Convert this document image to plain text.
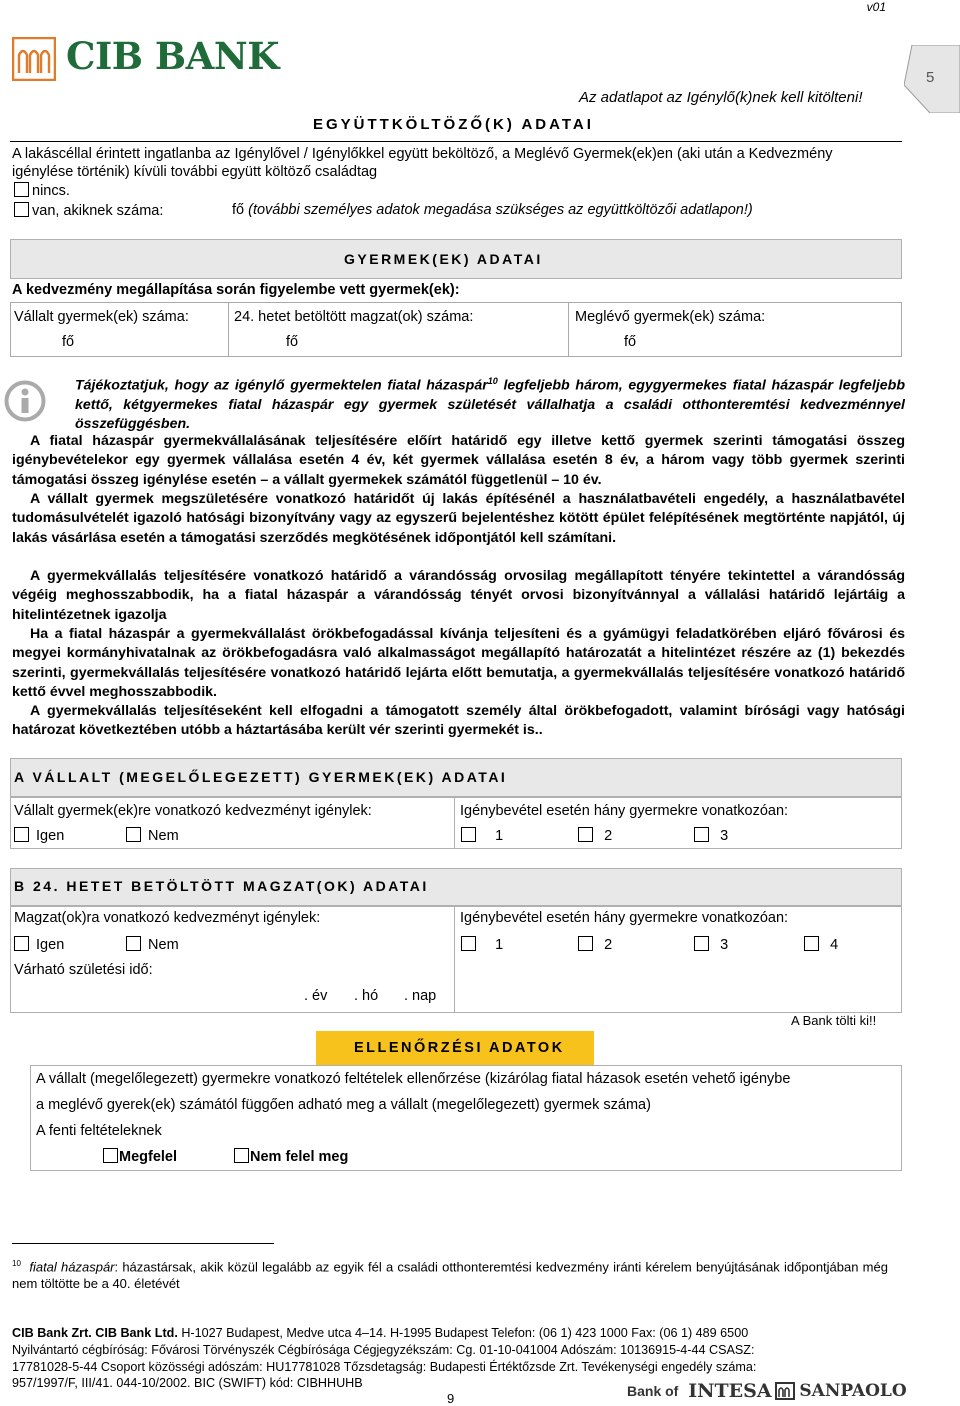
v01
5
CIB BANK
Az adatlapot az Igénylő(k)nek kell kitölteni!
EGYÜTTKÖLTÖZŐ(K) ADATAI
A lakáscéllal érintett ingatlanba az Igénylővel / Igénylőkkel együtt beköltöző, a Meglévő Gyermek(ek)en (aki után a Kedvezmény igénylése történik) kívüli további együtt költöző családtag
nincs.
van, akiknek száma:	fő (további személyes adatok megadása szükséges az együttköltözői adatlapon!)
GYERMEK(EK) ADATAI
A kedvezmény megállapítása során figyelembe vett gyermek(ek):
Vállalt gyermek(ek) száma:	24. hetet betöltött magzat(ok) száma:	Meglévő gyermek(ek) száma:
fő	fő	fő
Tájékoztatjuk, hogy az igénylő gyermektelen fiatal házaspár$^{10}$ legfeljebb három, egygyermekes fiatal házaspár legfeljebb kettő, kétgyermekes fiatal házaspár egy gyermek születését vállalhatja a családi otthonteremtési kedvezménnyel összefüggésben.
A fiatal házaspár gyermekvállalásának teljesítésére előírt határidő egy illetve kettő gyermek szerinti támogatási összeg igénybevételekor egy gyermek vállalása esetén 4 év, két gyermek vállalása esetén 8 év, a három vagy több gyermek szerinti támogatási összeg igénylése esetén – a vállalt gyermekek számától függetlenül – 10 év.
A vállalt gyermek megszületésére vonatkozó határidőt új lakás építésénél a használatbavételi engedély, a használatbavétel tudomásulvételét igazoló hatósági bizonyítvány vagy az egyszerű bejelentéshez kötött épület felépítésének megtörténte napjától, új lakás vásárlása esetén a támogatási szerződés megkötésének időpontjától kell számítani.
A gyermekvállalás teljesítésére vonatkozó határidő a várandósság orvosilag megállapított tényére tekintettel a várandósság végéig meghosszabbodik, ha a fiatal házaspár a várandósság tényét orvosi bizonyítvánnyal a vállalási határidő lejártáig a hitelintézetnek igazolja
Ha a fiatal házaspár a gyermekvállalást örökbefogadással kívánja teljesíteni és a gyámügyi feladatkörében eljáró fővárosi és megyei kormányhivatalnak az örökbefogadásra való alkalmasságot megállapító határozatát a hitelintézet részére az (1) bekezdés szerinti, gyermekvállalás teljesítésére vonatkozó határidő lejárta előtt bemutatja, a gyermekvállalás teljesítésére vonatkozó határidő kettő évvel meghosszabbodik.
A gyermekvállalás teljesítéseként kell elfogadni a támogatott személy által örökbefogadott, valamint bírósági vagy hatósági határozat következtében utóbb a háztartásába került vér szerinti gyermekét is..
A VÁLLALT (MEGELŐLEGEZETT) GYERMEK(EK) ADATAI
Vállalt gyermek(ek)re vonatkozó kedvezményt igénylek:	Igénybevétel esetén hány gyermekre vonatkozóan:
Igen	Nem	1	2	3
B 24. HETET BETÖLTÖTT MAGZAT(OK) ADATAI
Magzat(ok)ra vonatkozó kedvezményt igénylek:	Igénybevétel esetén hány gyermekre vonatkozóan:
Igen	Nem	1	2	3	4
Várható születési idő:
. év . hó . nap
A Bank tölti ki!!
ELLENŐRZÉSI ADATOK
A vállalt (megelőlegezett) gyermekre vonatkozó feltételek ellenőrzése (kizárólag fiatal házasok esetén vehető igénybe
a meglévő gyerek(ek) számától függően adható meg a vállalt (megelőlegezett) gyermek száma)
A fenti feltételeknek
Megfelel	Nem felel meg
$^{10}$ fiatal házaspár: házastársak, akik közül legalább az egyik fél a családi otthonteremtési kedvezmény iránti kérelem benyújtásának időpontjában még nem töltötte be a 40. életévét
CIB Bank Zrt. CIB Bank Ltd. H-1027 Budapest, Medve utca 4–14. H-1995 Budapest Telefon: (06 1) 423 1000 Fax: (06 1) 489 6500
Nyilvántartó cégbíróság: Fővárosi Törvényszék Cégbírósága Cégjegyzékszám: Cg. 01-10-041004 Adószám: 10136915-4-44 CSASZ:
17781028-5-44 Csoport közösségi adószám: HU17781028 Tőzsdetagság: Budapesti Értéktőzsde Zrt. Tevékenységi engedély száma:
957/1997/F, III/41. 044-10/2002. BIC (SWIFT) kód: CIBHHUHB
9	Bank of INTESA SANPAOLO
